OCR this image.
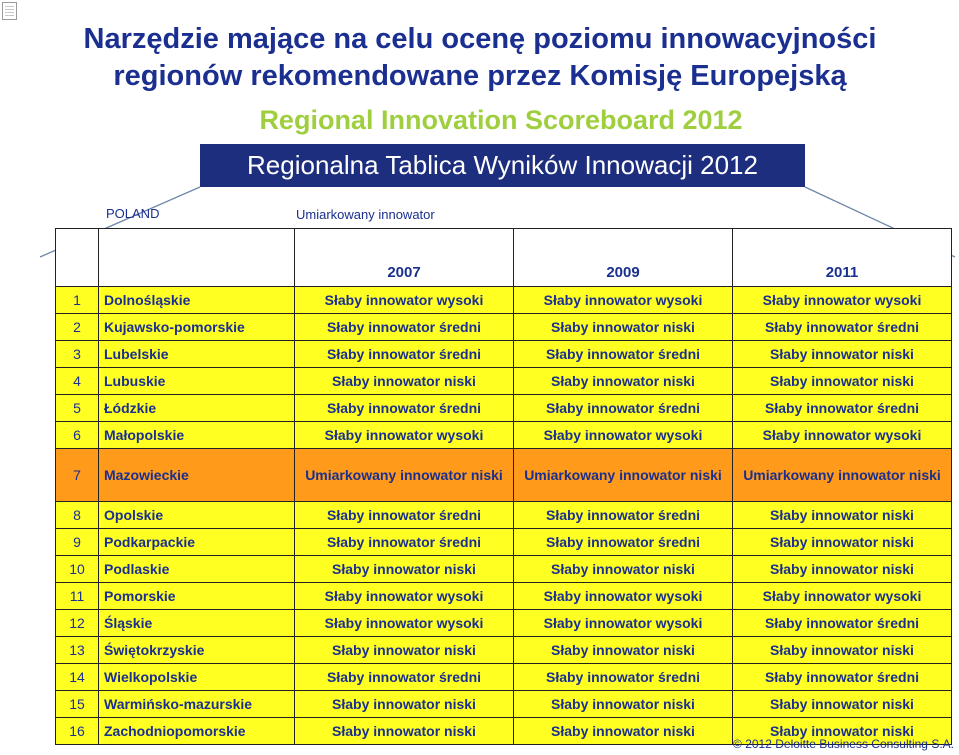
Narzędzie mające na celu ocenę poziomu innowacyjności
regionów rekomendowane przez Komisję Europejską
Regional Innovation Scoreboard 2012
Regionalna Tablica Wyników Innowacji 2012
POLAND	Umiarkowany innowator
		2007	2009	2011
1	Dolnośląskie	Słaby innowator wysoki	Słaby innowator wysoki	Słaby innowator wysoki
2	Kujawsko-pomorskie	Słaby innowator średni	Słaby innowator niski	Słaby innowator średni
3	Lubelskie	Słaby innowator średni	Słaby innowator średni	Słaby innowator niski
4	Lubuskie	Słaby innowator niski	Słaby innowator niski	Słaby innowator niski
5	Łódzkie	Słaby innowator średni	Słaby innowator średni	Słaby innowator średni
6	Małopolskie	Słaby innowator wysoki	Słaby innowator wysoki	Słaby innowator wysoki
7	Mazowieckie	Umiarkowany innowator niski	Umiarkowany innowator niski	Umiarkowany innowator niski
8	Opolskie	Słaby innowator średni	Słaby innowator średni	Słaby innowator niski
9	Podkarpackie	Słaby innowator średni	Słaby innowator średni	Słaby innowator niski
10	Podlaskie	Słaby innowator niski	Słaby innowator niski	Słaby innowator niski
11	Pomorskie	Słaby innowator wysoki	Słaby innowator wysoki	Słaby innowator wysoki
12	Śląskie	Słaby innowator wysoki	Słaby innowator wysoki	Słaby innowator średni
13	Świętokrzyskie	Słaby innowator niski	Słaby innowator niski	Słaby innowator niski
14	Wielkopolskie	Słaby innowator średni	Słaby innowator średni	Słaby innowator średni
15	Warmińsko-mazurskie	Słaby innowator niski	Słaby innowator niski	Słaby innowator niski
16	Zachodniopomorskie	Słaby innowator niski	Słaby innowator niski	Słaby innowator niski
© 2012 Deloitte Business Consulting S.A.
